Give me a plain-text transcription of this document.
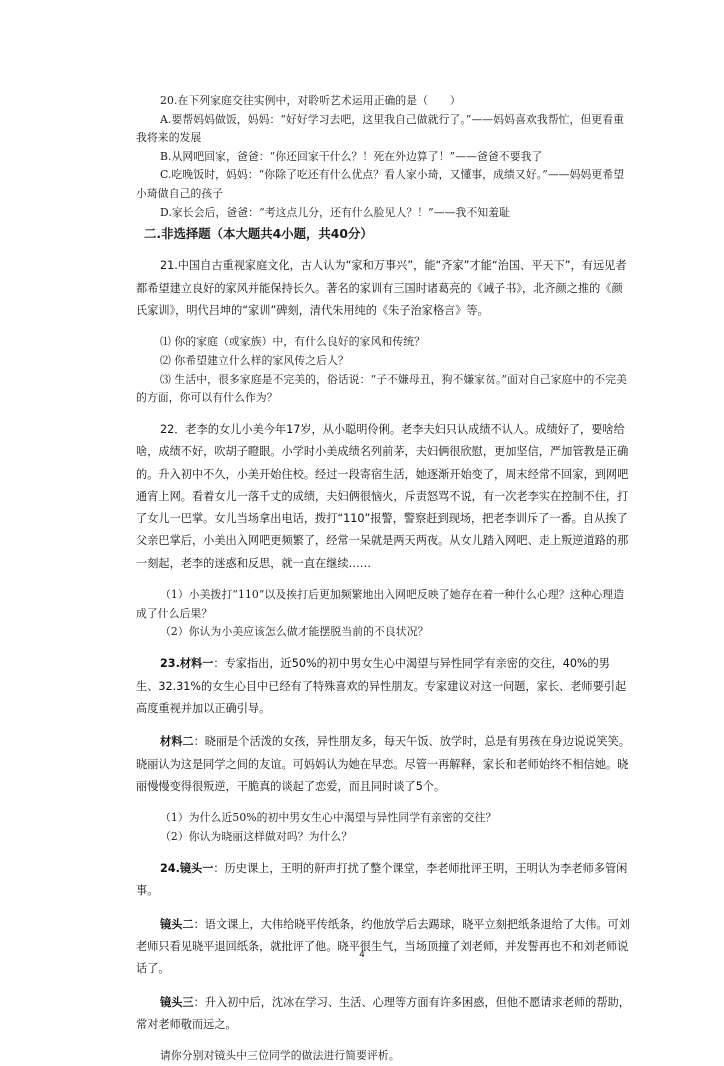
20.在下列家庭交往实例中，对聆听艺术运用正确的是（　　）

A.要帮妈妈做饭，妈妈：“好好学习去吧，这里我自己做就行了。”——妈妈喜欢我帮忙，但更看重我将来的发展

B.从网吧回家，爸爸：“你还回家干什么？！死在外边算了！”——爸爸不要我了

C.吃晚饭时，妈妈：“你除了吃还有什么优点？看人家小琦，又懂事，成绩又好。”——妈妈更希望小琦做自己的孩子

D.家长会后，爸爸：“考这点儿分，还有什么脸见人？！”——我不知羞耻

二.非选择题（本大题共4小题，共40分）

21.中国自古重视家庭文化，古人认为“家和万事兴”，能“齐家”才能“治国、平天下”，有远见者都希望建立良好的家风并能保持长久。著名的家训有三国时诸葛亮的《诫子书》，北齐颜之推的《颜氏家训》，明代吕坤的“家训”碑刻，清代朱用纯的《朱子治家格言》等。

⑴ 你的家庭（或家族）中，有什么良好的家风和传统？

⑵ 你希望建立什么样的家风传之后人？

⑶ 生活中，很多家庭是不完美的，俗话说：“子不嫌母丑，狗不嫌家贫。”面对自己家庭中的不完美的方面，你可以有什么作为？

22．老李的女儿小美今年17岁，从小聪明伶俐。老李夫妇只认成绩不认人。成绩好了，要啥给啥，成绩不好，吹胡子瞪眼。小学时小美成绩名列前茅，夫妇俩很欣慰，更加坚信，严加管教是正确的。升入初中不久，小美开始住校。经过一段寄宿生活，她逐渐开始变了，周末经常不回家，到网吧通宵上网。看着女儿一落千丈的成绩，夫妇俩很恼火，斥责怒骂不说，有一次老李实在控制不住，打了女儿一巴掌。女儿当场拿出电话，拨打“110”报警，警察赶到现场，把老李训斥了一番。自从挨了父亲巴掌后，小美出入网吧更频繁了，经常一呆就是两天两夜。从女儿踏入网吧、走上叛逆道路的那一刻起，老李的迷惑和反思，就一直在继续……

（1）小美拨打“110”以及挨打后更加频繁地出入网吧反映了她存在着一种什么心理？这种心理造成了什么后果？

（2）你认为小美应该怎么做才能摆脱当前的不良状况？

23.材料一：专家指出，近50%的初中男女生心中渴望与异性同学有亲密的交往，40%的男生、32.31%的女生心目中已经有了特殊喜欢的异性朋友。专家建议对这一问题，家长、老师要引起高度重视并加以正确引导。

材料二：晓丽是个活泼的女孩，异性朋友多，每天午饭、放学时，总是有男孩在身边说说笑笑。晓丽认为这是同学之间的友谊。可妈妈认为她在早恋。尽管一再解释，家长和老师始终不相信她。晓丽慢慢变得很叛逆，干脆真的谈起了恋爱，而且同时谈了5个。

（1）为什么近50%的初中男女生心中渴望与异性同学有亲密的交往？

（2）你认为晓丽这样做对吗？为什么？

24.镜头一：历史课上，王明的鼾声打扰了整个课堂，李老师批评王明，王明认为李老师多管闲事。

镜头二：语文课上，大伟给晓平传纸条，约他放学后去踢球，晓平立刻把纸条退给了大伟。可刘老师只看见晓平退回纸条，就批评了他。晓平很生气，当场顶撞了刘老师，并发誓再也不和刘老师说话了。

镜头三：升入初中后，沈冰在学习、生活、心理等方面有许多困惑，但他不愿请求老师的帮助，常对老师敬而远之。

请你分别对镜头中三位同学的做法进行简要评析。

4
